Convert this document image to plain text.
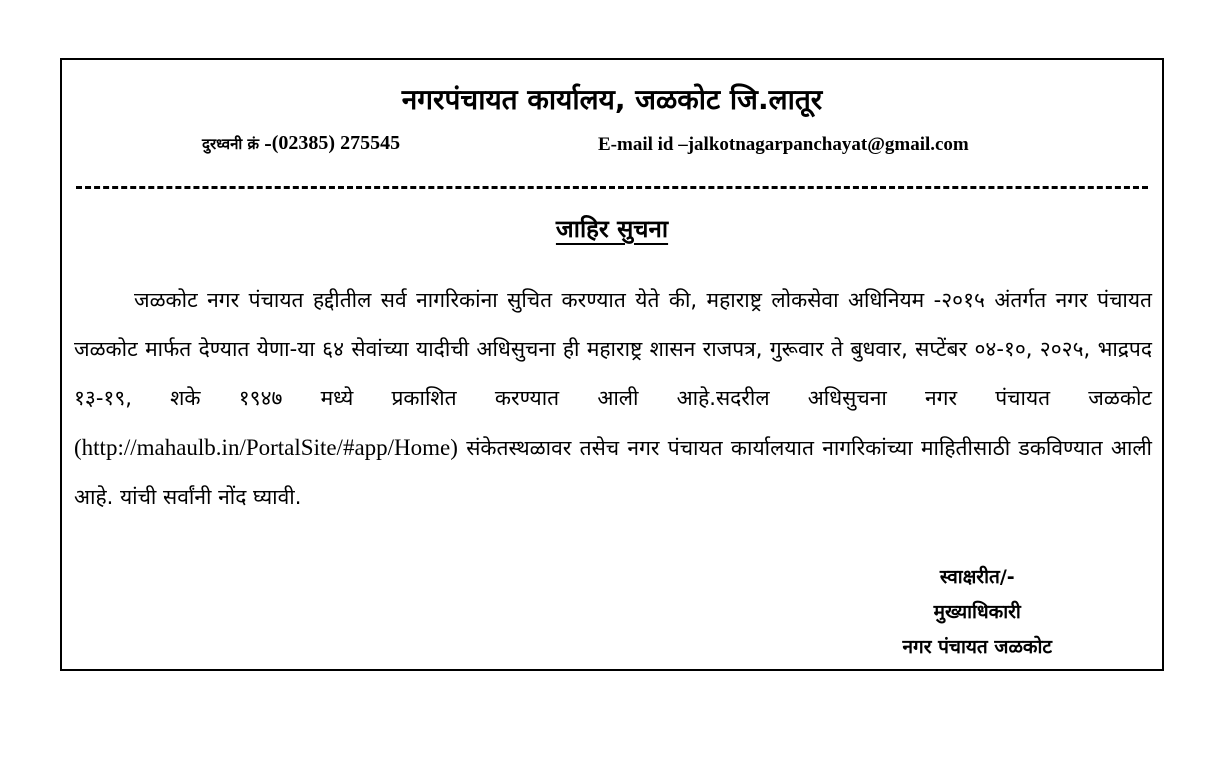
नगरपंचायत कार्यालय, जळकोट जि.लातूर
दुरध्वनी क्रं –(02385) 275545	E-mail id –jalkotnagarpanchayat@gmail.com
जाहिर सुचना

जळकोट नगर पंचायत हद्दीतील सर्व नागरिकांना सुचित करण्यात येते की, महाराष्ट्र लोकसेवा अधिनियम -२०१५ अंतर्गत नगर पंचायत जळकोट मार्फत देण्यात येणा-या ६४ सेवांच्या यादीची अधिसुचना ही महाराष्ट्र शासन राजपत्र, गुरूवार ते बुधवार, सप्टेंबर ०४-१०, २०२५, भाद्रपद १३-१९, शके १९४७ मध्ये प्रकाशित करण्यात आली आहे.सदरील अधिसुचना नगर पंचायत जळकोट (http://mahaulb.in/PortalSite/#app/Home) संकेतस्थळावर तसेच नगर पंचायत कार्यालयात नागरिकांच्या माहितीसाठी डकविण्यात आली आहे. यांची सर्वांनी नोंद घ्यावी.

स्वाक्षरीत/-
मुख्याधिकारी
नगर पंचायत जळकोट
